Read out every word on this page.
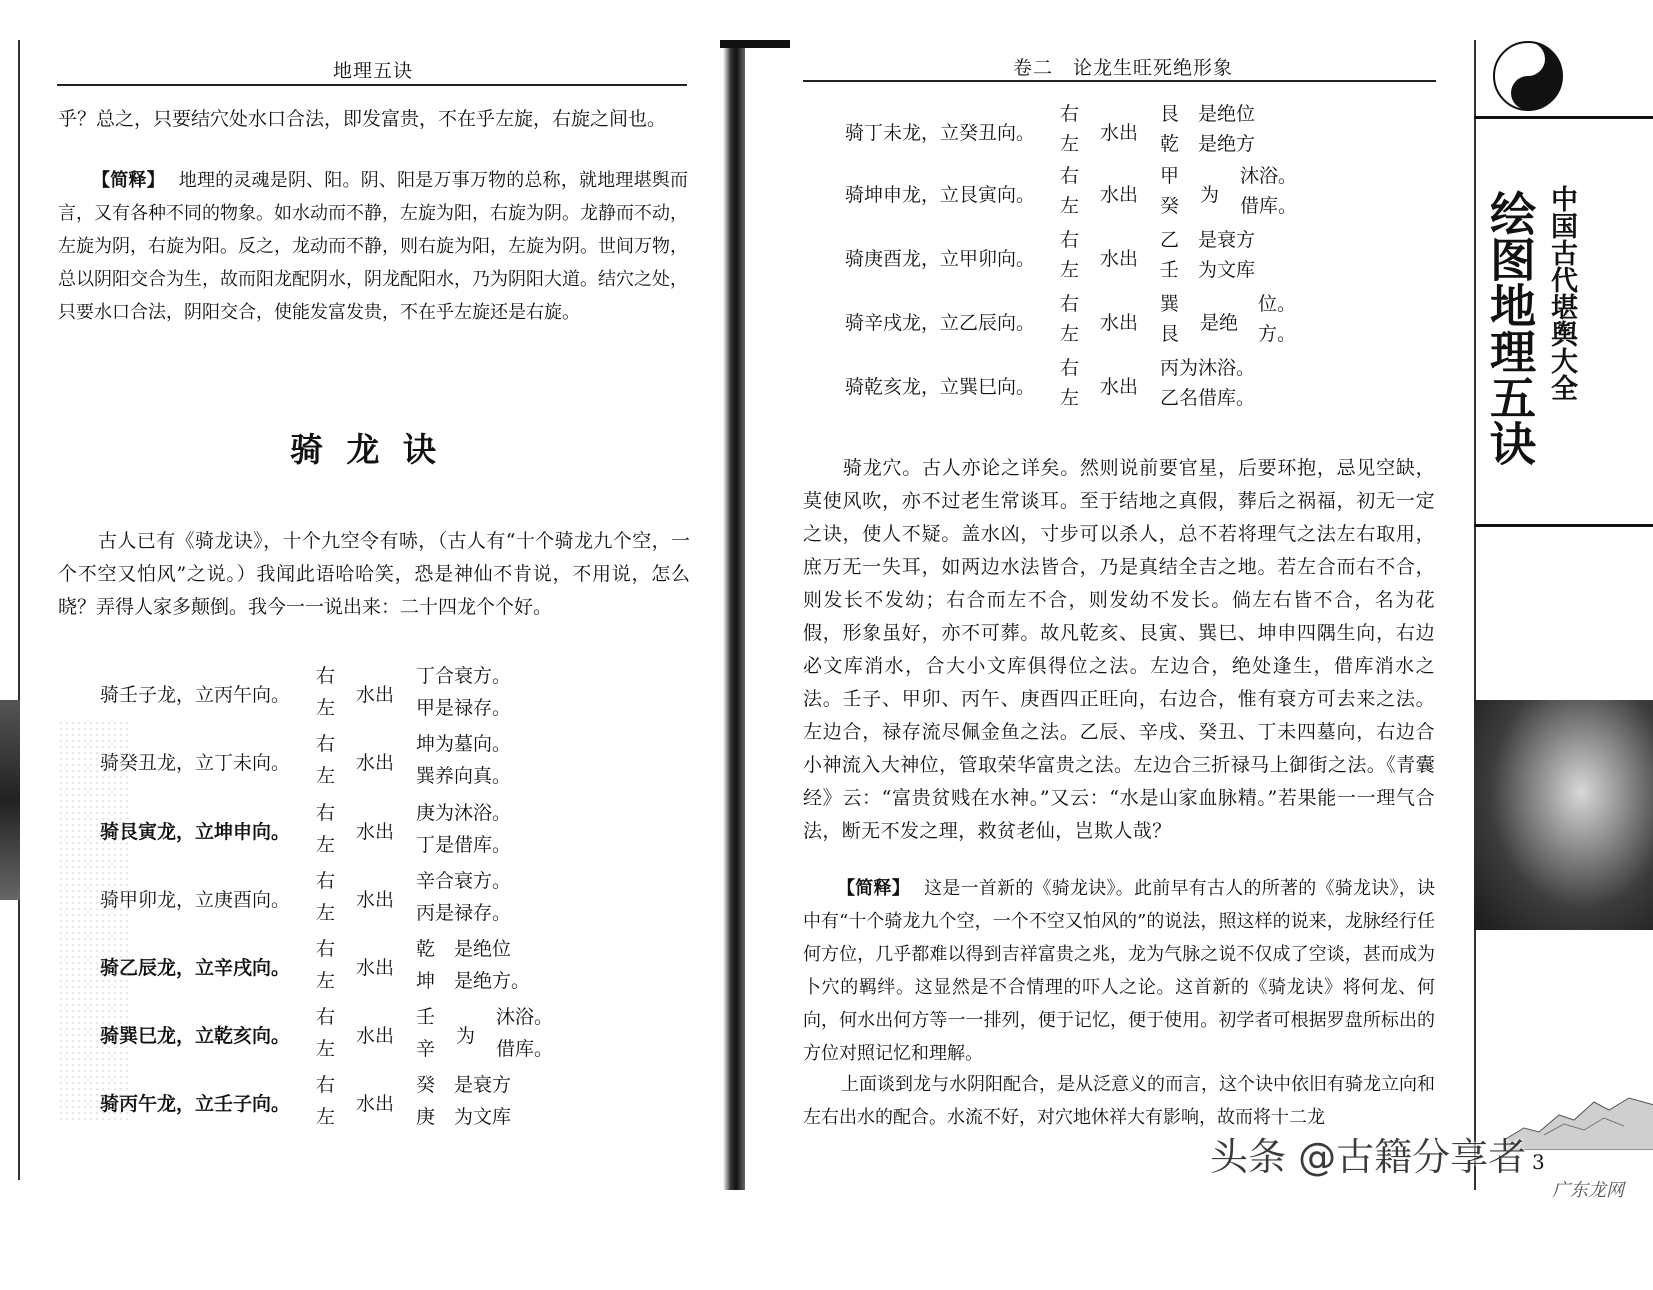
地理五诀
乎？总之，只要结穴处水口合法，即发富贵，不在乎左旋，右旋之间也。
【简释】 地理的灵魂是阴、阳。阴、阳是万事万物的总称，就地理堪舆而言，又有各种不同的物象。如水动而不静，左旋为阳，右旋为阴。龙静而不动，左旋为阴，右旋为阳。反之，龙动而不静，则右旋为阳，左旋为阴。世间万物，总以阴阳交合为生，故而阳龙配阴水，阴龙配阳水，乃为阴阳大道。结穴之处，只要水口合法，阴阳交合，使能发富发贵，不在乎左旋还是右旋。
骑 龙 诀
古人已有《骑龙诀》，十个九空令有哧，（古人有“十个骑龙九个空，一个不空又怕风”之说。）我闻此语哈哈笑，恐是神仙不肯说，不用说，怎么晓？弄得人家多颠倒。我今一一说出来：二十四龙个个好。
骑壬子龙，立丙午向。
右
左
水出
丁合衰方。
甲是禄存。
骑癸丑龙，立丁未向。
右
左
水出
坤为墓向。
巽养向真。
骑艮寅龙，立坤申向。
右
左
水出
庚为沐浴。
丁是借库。
骑甲卯龙，立庚酉向。
右
左
水出
辛合衰方。
丙是禄存。
骑乙辰龙，立辛戌向。
右
左
水出
乾　是绝位
坤　是绝方。
骑巽巳龙，立乾亥向。
右
左
水出
壬
辛
为
沐浴。
借库。
骑丙午龙，立壬子向。
右
左
水出
癸　是衰方
庚　为文库
卷二　论龙生旺死绝形象
骑丁未龙，立癸丑向。
右
左 水出
艮　是绝位
乾　是绝方
骑坤申龙，立艮寅向。
右
左 水出
甲
癸 为
沐浴。
借库。
骑庚酉龙，立甲卯向。
右
左 水出
乙　是衰方
壬　为文库
骑辛戌龙，立乙辰向。
右
左 水出
巽
艮 是绝
位。
方。
骑乾亥龙，立巽巳向。
右
左 水出
丙为沐浴。
乙名借库。
骑龙穴。古人亦论之详矣。然则说前要官星，后要环抱，忌见空缺，莫使风吹，亦不过老生常谈耳。至于结地之真假，葬后之祸福，初无一定之诀，使人不疑。盖水凶，寸步可以杀人，总不若将理气之法左右取用，庶万无一失耳，如两边水法皆合，乃是真结全吉之地。若左合而右不合，则发长不发幼；右合而左不合，则发幼不发长。倘左右皆不合，名为花假，形象虽好，亦不可葬。故凡乾亥、艮寅、巽巳、坤申四隅生向，右边必文库消水，合大小文库俱得位之法。左边合，绝处逢生，借库消水之法。壬子、甲卯、丙午、庚酉四正旺向，右边合，惟有衰方可去来之法。左边合，禄存流尽佩金鱼之法。乙辰、辛戌、癸丑、丁未四墓向，右边合小神流入大神位，管取荣华富贵之法。左边合三折禄马上御街之法。《青囊经》云：“富贵贫贱在水神。”又云：“水是山家血脉精。”若果能一一理气合法，断无不发之理，救贫老仙，岂欺人哉？
【简释】 这是一首新的《骑龙诀》。此前早有古人的所著的《骑龙诀》，诀中有“十个骑龙九个空，一个不空又怕风的”的说法，照这样的说来，龙脉经行任何方位，几乎都难以得到吉祥富贵之兆，龙为气脉之说不仅成了空谈，甚而成为卜穴的羁绊。这显然是不合情理的吓人之论。这首新的《骑龙诀》将何龙、何向，何水出何方等一一排列，便于记忆，便于使用。初学者可根据罗盘所标出的方位对照记忆和理解。
上面谈到龙与水阴阳配合，是从泛意义的而言，这个诀中依旧有骑龙立向和左右出水的配合。水流不好，对穴地休祥大有影响，故而将十二龙
绘图地理五诀 中国古代堪舆大全
3
头条 @古籍分享者
广东龙网
